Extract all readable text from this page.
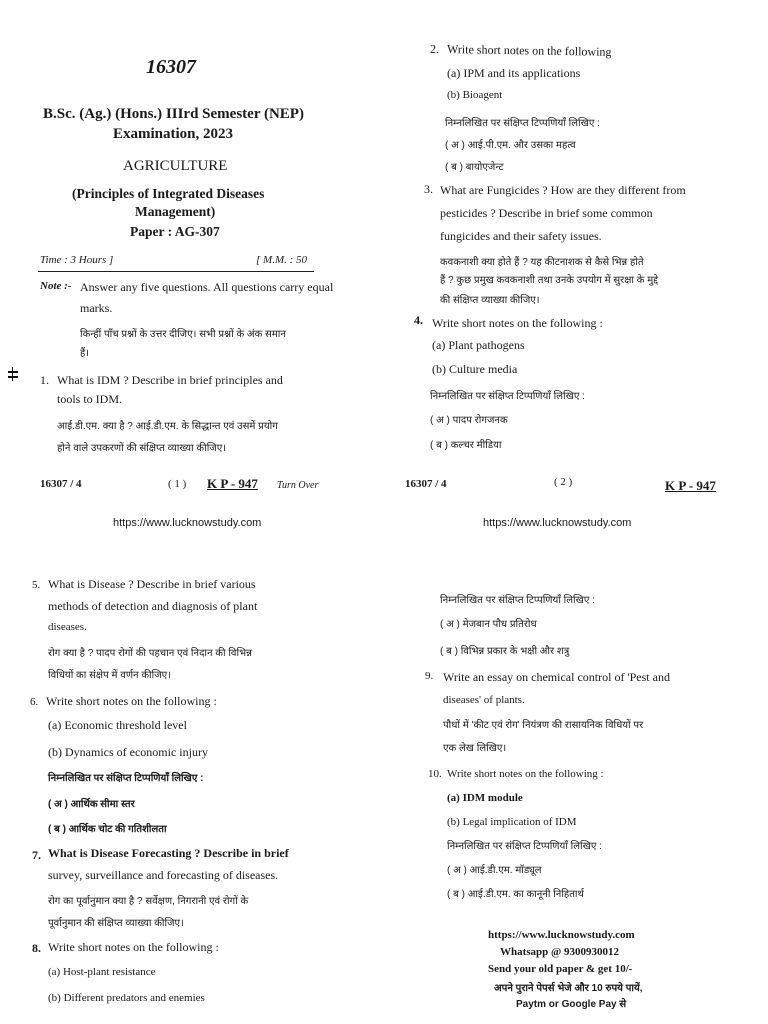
16307
B.Sc. (Ag.) (Hons.) IIIrd Semester (NEP)
Examination, 2023
AGRICULTURE
(Principles of Integrated Diseases
Management)
Paper : AG-307
Time : 3 Hours ]	[ M.M. : 50
Note :- Answer any five questions. All questions carry equal
marks.
किन्हीं पाँच प्रश्नों के उत्तर दीजिए। सभी प्रश्नों के अंक समान
हैं।
1. What is IDM ? Describe in brief principles and
tools to IDM.
आई.डी.एम. क्या है ? आई.डी.एम. के सिद्धान्त एवं उसमें प्रयोग
होने वाले उपकरणों की संक्षिप्त व्याख्या कीजिए।
16307 / 4	( 1 ) K P - 947 Turn Over
2. Write short notes on the following
(a) IPM and its applications
(b) Bioagent
निम्नलिखित पर संक्षिप्त टिप्पणियाँ लिखिए :
( अ ) आई.पी.एम. और उसका महत्व
( ब ) बायोएजेन्ट
3. What are Fungicides ? How are they different from
pesticides ? Describe in brief some common
fungicides and their safety issues.
कवकनाशी क्या होते हैं ? यह कीटनाशक से कैसे भिन्न होते
हैं ? कुछ प्रमुख कवकनाशी तथा उनके उपयोग में सुरक्षा के मुद्दे
की संक्षिप्त व्याख्या कीजिए।
4. Write short notes on the following :
(a) Plant pathogens
(b) Culture media
निम्नलिखित पर संक्षिप्त टिप्पणियाँ लिखिए :
( अ ) पादप रोगजनक
( ब ) कल्चर मीडिया
16307 / 4	( 2 )	K P - 947
https://www.lucknowstudy.com	https://www.lucknowstudy.com
5. What is Disease ? Describe in brief various
methods of detection and diagnosis of plant
diseases.
रोग क्या है ? पादप रोगों की पहचान एवं निदान की विभिन्न
विधियों का संक्षेप में वर्णन कीजिए।
6. Write short notes on the following :
(a) Economic threshold level
(b) Dynamics of economic injury
निम्नलिखित पर संक्षिप्त टिप्पणियाँ लिखिए :
( अ ) आर्थिक सीमा स्तर
( ब ) आर्थिक चोट की गतिशीलता
7. What is Disease Forecasting ? Describe in brief
survey, surveillance and forecasting of diseases.
रोग का पूर्वानुमान क्या है ? सर्वेक्षण, निगरानी एवं रोगों के
पूर्वानुमान की संक्षिप्त व्याख्या कीजिए।
8. Write short notes on the following :
(a) Host-plant resistance
(b) Different predators and enemies
निम्नलिखित पर संक्षिप्त टिप्पणियाँ लिखिए :
( अ ) मेजबान पौध प्रतिरोध
( ब ) विभिन्न प्रकार के भक्षी और शत्रु
9. Write an essay on chemical control of 'Pest and
diseases' of plants.
पौधों में 'कीट एवं रोग' नियंत्रण की रासायनिक विधियों पर
एक लेख लिखिए।
10. Write short notes on the following :
(a) IDM module
(b) Legal implication of IDM
निम्नलिखित पर संक्षिप्त टिप्पणियाँ लिखिए :
( अ ) आई.डी.एम. मॉड्यूल
( ब ) आई.डी.एम. का कानूनी निहितार्थ
https://www.lucknowstudy.com
Whatsapp @ 9300930012
Send your old paper & get 10/-
अपने पुराने पेपर्स भेजे और 10 रुपये पायें,
Paytm or Google Pay से
